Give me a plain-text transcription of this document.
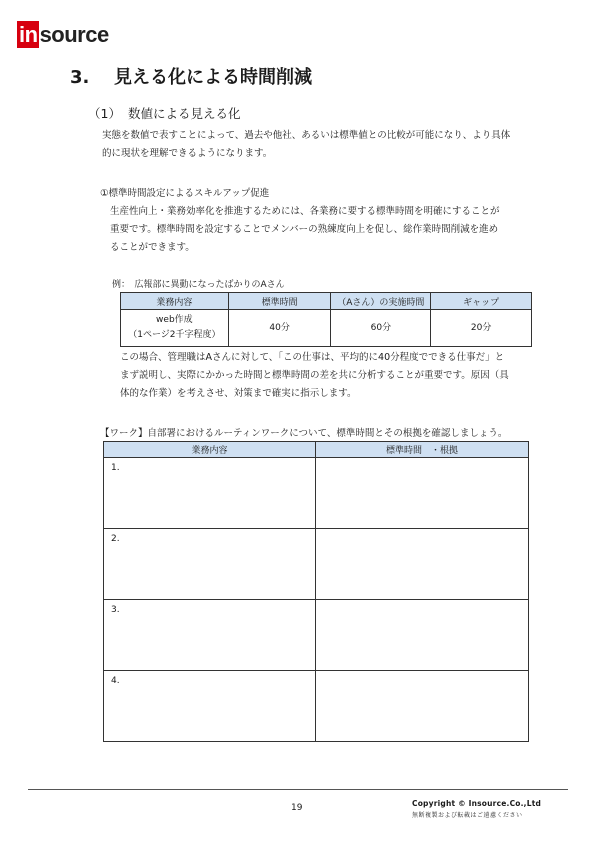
in source
3. 見える化による時間削減
（1） 数値による見える化
実態を数値で表すことによって、過去や他社、あるいは標準値との比較が可能になり、より具体
的に現状を理解できるようになります。
①標準時間設定によるスキルアップ促進
生産性向上・業務効率化を推進するためには、各業務に要する標準時間を明確にすることが
重要です。標準時間を設定することでメンバーの熟練度向上を促し、総作業時間削減を進め
ることができます。
例：　広報部に異動になったばかりのAさん
業務内容	標準時間	（Aさん）の実施時間	ギャップ

web作成
（1ページ2千字程度）	40分	60分	20分
この場合、管理職はAさんに対して、「この仕事は、平均的に40分程度でできる仕事だ」と
まず説明し、実際にかかった時間と標準時間の差を共に分析することが重要です。原因（具
体的な作業）を考えさせ、対策まで確実に指示します。
【ワーク】自部署におけるルーティンワークについて、標準時間とその根拠を確認しましょう。
業務内容	標準時間　・根拠

1.	

2.	

3.	

4.	

19	Copyright © Insource.Co.,Ltd
無断複製および転載はご遠慮ください
